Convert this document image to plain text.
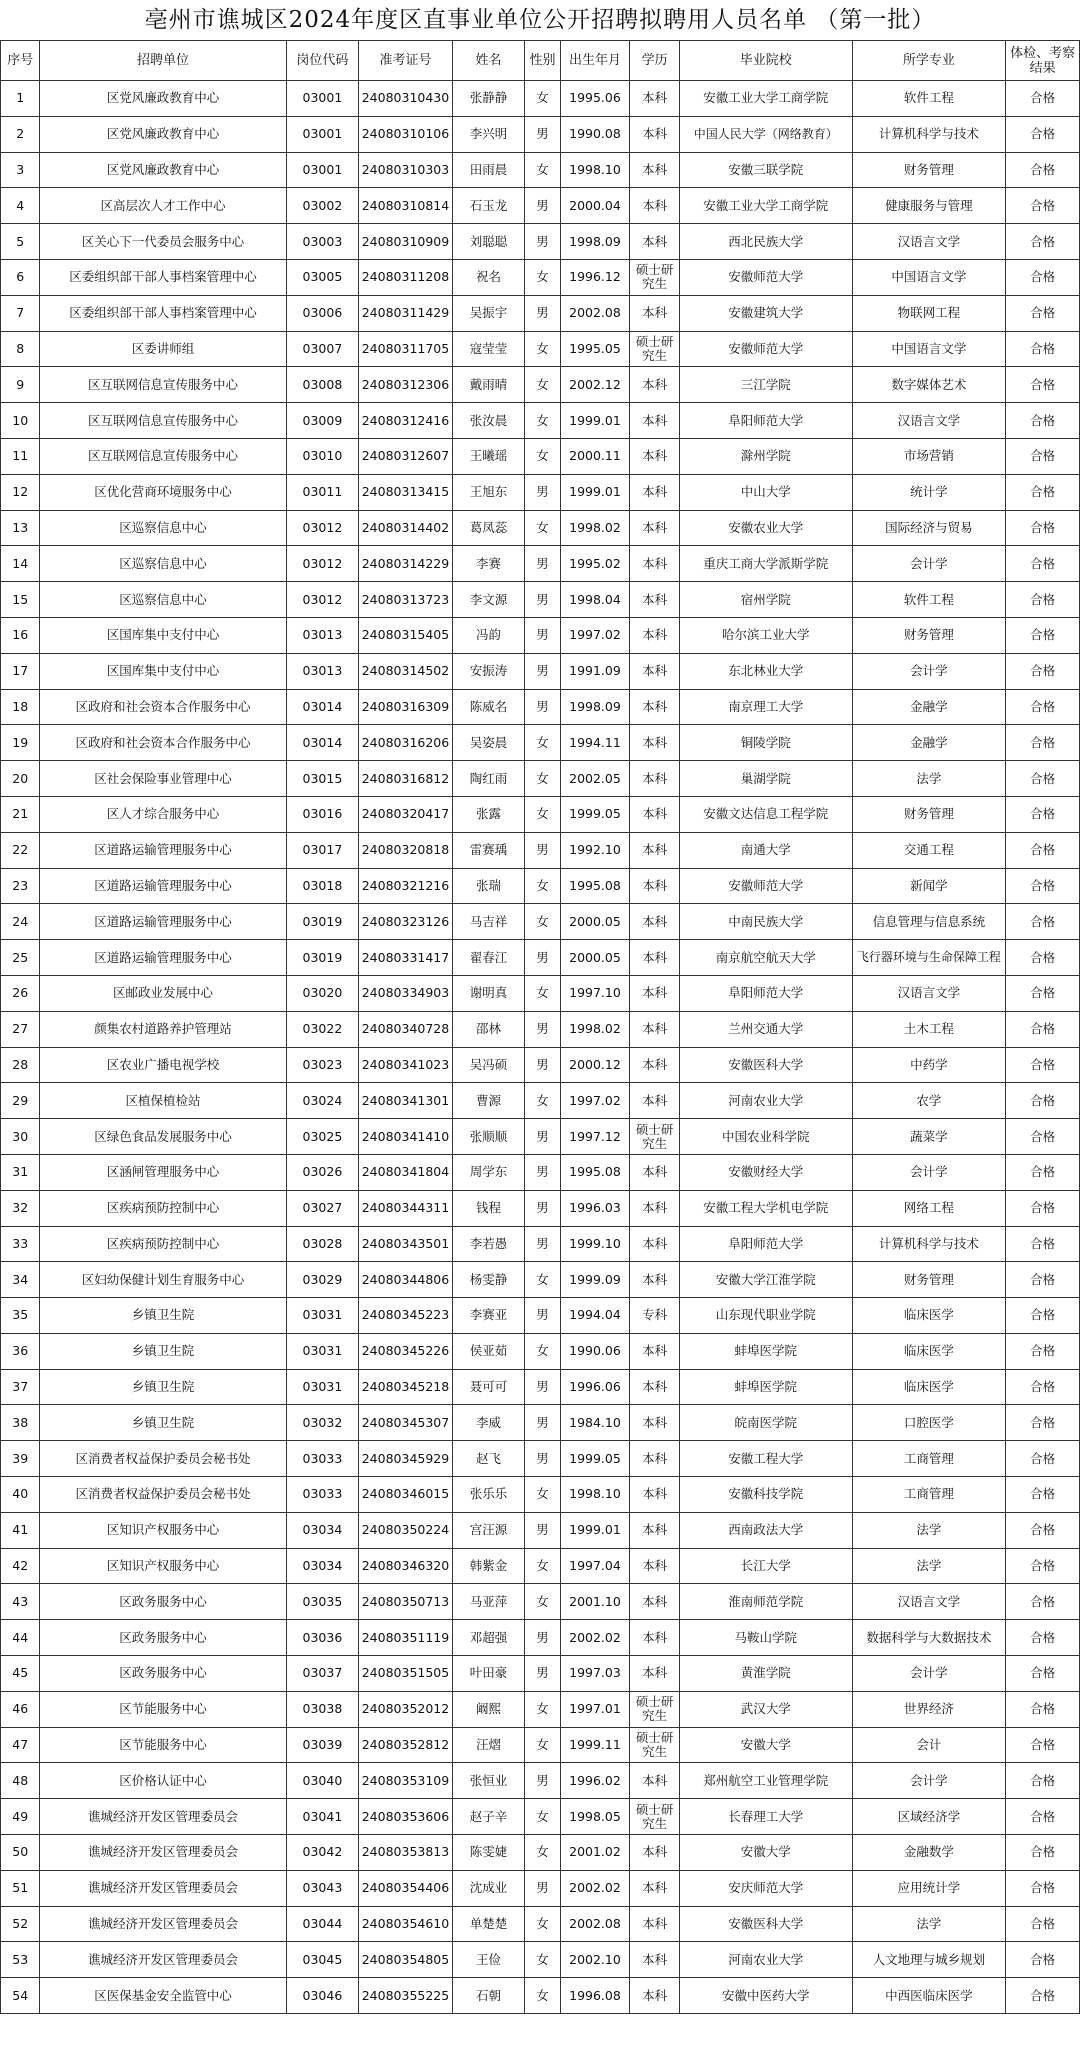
亳州市谯城区2024年度区直事业单位公开招聘拟聘用人员名单 （第一批）
序号	招聘单位	岗位代码	准考证号	姓名	性别	出生年月	学历	毕业院校	所学专业	体检、考察结果
1	区党风廉政教育中心	03001	24080310430	张静静	女	1995.06	本科	安徽工业大学工商学院	软件工程	合格
2	区党风廉政教育中心	03001	24080310106	李兴明	男	1990.08	本科	中国人民大学（网络教育）	计算机科学与技术	合格
3	区党风廉政教育中心	03001	24080310303	田雨晨	女	1998.10	本科	安徽三联学院	财务管理	合格
4	区高层次人才工作中心	03002	24080310814	石玉龙	男	2000.04	本科	安徽工业大学工商学院	健康服务与管理	合格
5	区关心下一代委员会服务中心	03003	24080310909	刘聪聪	男	1998.09	本科	西北民族大学	汉语言文学	合格
6	区委组织部干部人事档案管理中心	03005	24080311208	祝名	女	1996.12	硕士研究生	安徽师范大学	中国语言文学	合格
7	区委组织部干部人事档案管理中心	03006	24080311429	吴振宇	男	2002.08	本科	安徽建筑大学	物联网工程	合格
8	区委讲师组	03007	24080311705	寇莹莹	女	1995.05	硕士研究生	安徽师范大学	中国语言文学	合格
9	区互联网信息宣传服务中心	03008	24080312306	戴雨晴	女	2002.12	本科	三江学院	数字媒体艺术	合格
10	区互联网信息宣传服务中心	03009	24080312416	张汝晨	女	1999.01	本科	阜阳师范大学	汉语言文学	合格
11	区互联网信息宣传服务中心	03010	24080312607	王曦瑶	女	2000.11	本科	滁州学院	市场营销	合格
12	区优化营商环境服务中心	03011	24080313415	王旭东	男	1999.01	本科	中山大学	统计学	合格
13	区巡察信息中心	03012	24080314402	葛凤蕊	女	1998.02	本科	安徽农业大学	国际经济与贸易	合格
14	区巡察信息中心	03012	24080314229	李赛	男	1995.02	本科	重庆工商大学派斯学院	会计学	合格
15	区巡察信息中心	03012	24080313723	李文源	男	1998.04	本科	宿州学院	软件工程	合格
16	区国库集中支付中心	03013	24080315405	冯韵	男	1997.02	本科	哈尔滨工业大学	财务管理	合格
17	区国库集中支付中心	03013	24080314502	安振涛	男	1991.09	本科	东北林业大学	会计学	合格
18	区政府和社会资本合作服务中心	03014	24080316309	陈威名	男	1998.09	本科	南京理工大学	金融学	合格
19	区政府和社会资本合作服务中心	03014	24080316206	吴姿晨	女	1994.11	本科	铜陵学院	金融学	合格
20	区社会保险事业管理中心	03015	24080316812	陶红雨	女	2002.05	本科	巢湖学院	法学	合格
21	区人才综合服务中心	03016	24080320417	张露	女	1999.05	本科	安徽文达信息工程学院	财务管理	合格
22	区道路运输管理服务中心	03017	24080320818	雷赛瑀	男	1992.10	本科	南通大学	交通工程	合格
23	区道路运输管理服务中心	03018	24080321216	张瑞	女	1995.08	本科	安徽师范大学	新闻学	合格
24	区道路运输管理服务中心	03019	24080323126	马吉祥	女	2000.05	本科	中南民族大学	信息管理与信息系统	合格
25	区道路运输管理服务中心	03019	24080331417	翟春江	男	2000.05	本科	南京航空航天大学	飞行器环境与生命保障工程	合格
26	区邮政业发展中心	03020	24080334903	谢明真	女	1997.10	本科	阜阳师范大学	汉语言文学	合格
27	颜集农村道路养护管理站	03022	24080340728	邵林	男	1998.02	本科	兰州交通大学	土木工程	合格
28	区农业广播电视学校	03023	24080341023	吴冯硕	男	2000.12	本科	安徽医科大学	中药学	合格
29	区植保植检站	03024	24080341301	曹源	女	1997.02	本科	河南农业大学	农学	合格
30	区绿色食品发展服务中心	03025	24080341410	张顺顺	男	1997.12	硕士研究生	中国农业科学院	蔬菜学	合格
31	区涵闸管理服务中心	03026	24080341804	周学东	男	1995.08	本科	安徽财经大学	会计学	合格
32	区疾病预防控制中心	03027	24080344311	钱程	男	1996.03	本科	安徽工程大学机电学院	网络工程	合格
33	区疾病预防控制中心	03028	24080343501	李若愚	男	1999.10	本科	阜阳师范大学	计算机科学与技术	合格
34	区妇幼保健计划生育服务中心	03029	24080344806	杨雯静	女	1999.09	本科	安徽大学江淮学院	财务管理	合格
35	乡镇卫生院	03031	24080345223	李赛亚	男	1994.04	专科	山东现代职业学院	临床医学	合格
36	乡镇卫生院	03031	24080345226	侯亚茹	女	1990.06	本科	蚌埠医学院	临床医学	合格
37	乡镇卫生院	03031	24080345218	聂可可	男	1996.06	本科	蚌埠医学院	临床医学	合格
38	乡镇卫生院	03032	24080345307	李威	男	1984.10	本科	皖南医学院	口腔医学	合格
39	区消费者权益保护委员会秘书处	03033	24080345929	赵飞	男	1999.05	本科	安徽工程大学	工商管理	合格
40	区消费者权益保护委员会秘书处	03033	24080346015	张乐乐	女	1998.10	本科	安徽科技学院	工商管理	合格
41	区知识产权服务中心	03034	24080350224	宫汪源	男	1999.01	本科	西南政法大学	法学	合格
42	区知识产权服务中心	03034	24080346320	韩紫金	女	1997.04	本科	长江大学	法学	合格
43	区政务服务中心	03035	24080350713	马亚萍	女	2001.10	本科	淮南师范学院	汉语言文学	合格
44	区政务服务中心	03036	24080351119	邓超强	男	2002.02	本科	马鞍山学院	数据科学与大数据技术	合格
45	区政务服务中心	03037	24080351505	叶田豪	男	1997.03	本科	黄淮学院	会计学	合格
46	区节能服务中心	03038	24080352012	阚熙	女	1997.01	硕士研究生	武汉大学	世界经济	合格
47	区节能服务中心	03039	24080352812	汪熠	女	1999.11	硕士研究生	安徽大学	会计	合格
48	区价格认证中心	03040	24080353109	张恒业	男	1996.02	本科	郑州航空工业管理学院	会计学	合格
49	谯城经济开发区管理委员会	03041	24080353606	赵子辛	女	1998.05	硕士研究生	长春理工大学	区域经济学	合格
50	谯城经济开发区管理委员会	03042	24080353813	陈雯婕	女	2001.02	本科	安徽大学	金融数学	合格
51	谯城经济开发区管理委员会	03043	24080354406	沈成业	男	2002.02	本科	安庆师范大学	应用统计学	合格
52	谯城经济开发区管理委员会	03044	24080354610	单楚楚	女	2002.08	本科	安徽医科大学	法学	合格
53	谯城经济开发区管理委员会	03045	24080354805	王俭	女	2002.10	本科	河南农业大学	人文地理与城乡规划	合格
54	区医保基金安全监管中心	03046	24080355225	石朝	女	1996.08	本科	安徽中医药大学	中西医临床医学	合格
